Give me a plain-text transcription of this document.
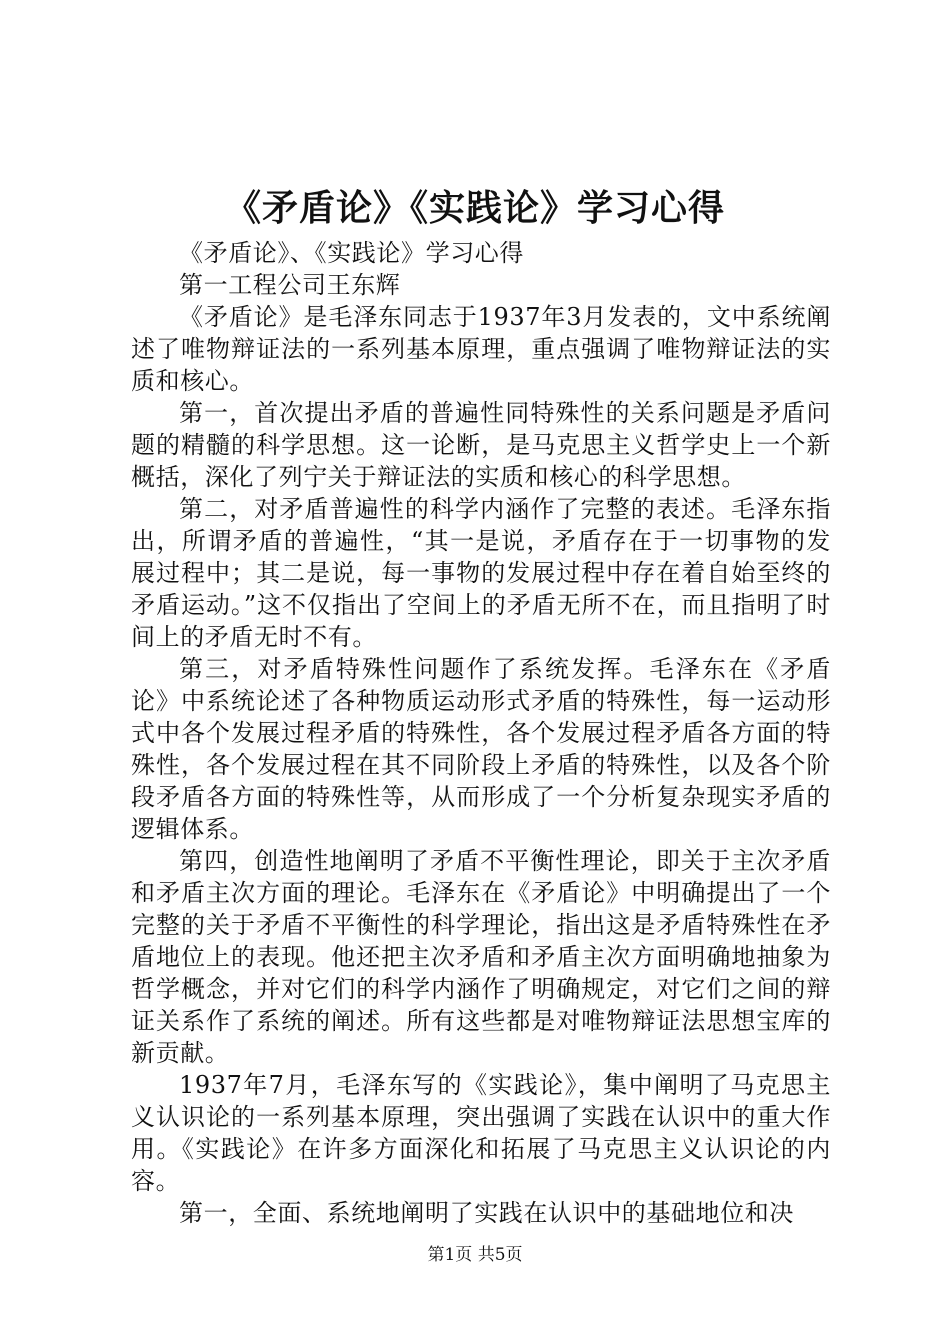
《矛盾论》《实践论》学习心得

《矛盾论》、《实践论》学习心得

第一工程公司王东辉

《矛盾论》是毛泽东同志于1937年3月发表的，文中系统阐述了唯物辩证法的一系列基本原理，重点强调了唯物辩证法的实质和核心。

第一，首次提出矛盾的普遍性同特殊性的关系问题是矛盾问题的精髓的科学思想。这一论断，是马克思主义哲学史上一个新概括，深化了列宁关于辩证法的实质和核心的科学思想。

第二，对矛盾普遍性的科学内涵作了完整的表述。毛泽东指出，所谓矛盾的普遍性，“其一是说，矛盾存在于一切事物的发展过程中；其二是说，每一事物的发展过程中存在着自始至终的矛盾运动。”这不仅指出了空间上的矛盾无所不在，而且指明了时间上的矛盾无时不有。

第三，对矛盾特殊性问题作了系统发挥。毛泽东在《矛盾论》中系统论述了各种物质运动形式矛盾的特殊性，每一运动形式中各个发展过程矛盾的特殊性，各个发展过程矛盾各方面的特殊性，各个发展过程在其不同阶段上矛盾的特殊性，以及各个阶段矛盾各方面的特殊性等，从而形成了一个分析复杂现实矛盾的逻辑体系。

第四，创造性地阐明了矛盾不平衡性理论，即关于主次矛盾和矛盾主次方面的理论。毛泽东在《矛盾论》中明确提出了一个完整的关于矛盾不平衡性的科学理论，指出这是矛盾特殊性在矛盾地位上的表现。他还把主次矛盾和矛盾主次方面明确地抽象为哲学概念，并对它们的科学内涵作了明确规定，对它们之间的辩证关系作了系统的阐述。所有这些都是对唯物辩证法思想宝库的新贡献。

1937年7月，毛泽东写的《实践论》，集中阐明了马克思主义认识论的一系列基本原理，突出强调了实践在认识中的重大作用。《实践论》在许多方面深化和拓展了马克思主义认识论的内容。

第一，全面、系统地阐明了实践在认识中的基础地位和决

第1页 共5页
